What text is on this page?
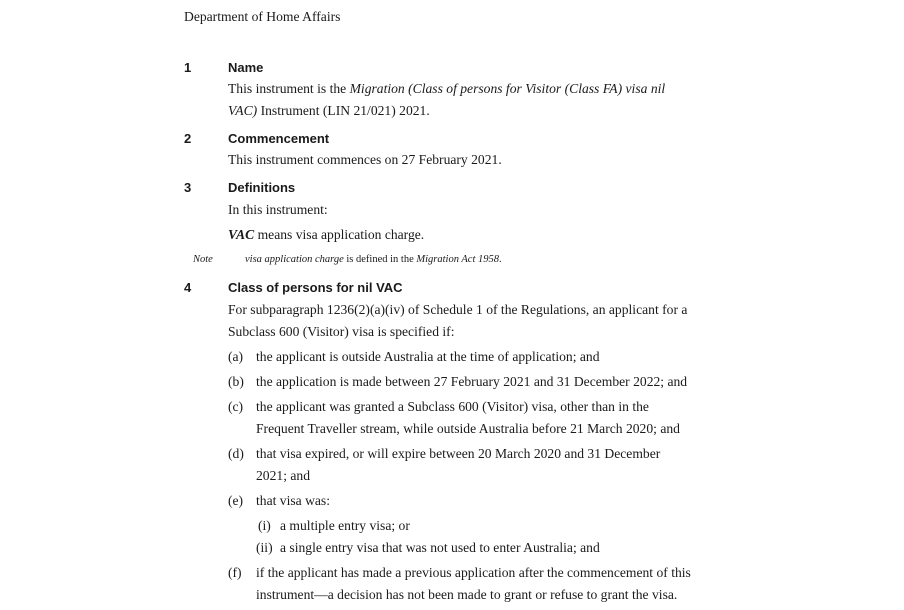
Department of Home Affairs
1	Name
This instrument is the Migration (Class of persons for Visitor (Class FA) visa nil
VAC) Instrument (LIN 21/021) 2021.
2	Commencement
This instrument commences on 27 February 2021.
3	Definitions
In this instrument:
VAC means visa application charge.
Note	visa application charge is defined in the Migration Act 1958.
4	Class of persons for nil VAC
For subparagraph 1236(2)(a)(iv) of Schedule 1 of the Regulations, an applicant for a
Subclass 600 (Visitor) visa is specified if:
(a) the applicant is outside Australia at the time of application; and
(b) the application is made between 27 February 2021 and 31 December 2022; and
(c) the applicant was granted a Subclass 600 (Visitor) visa, other than in the
Frequent Traveller stream, while outside Australia before 21 March 2020; and
(d) that visa expired, or will expire between 20 March 2020 and 31 December
2021; and
(e) that visa was:
(i) a multiple entry visa; or
(ii) a single entry visa that was not used to enter Australia; and
(f) if the applicant has made a previous application after the commencement of this
instrument—a decision has not been made to grant or refuse to grant the visa.
